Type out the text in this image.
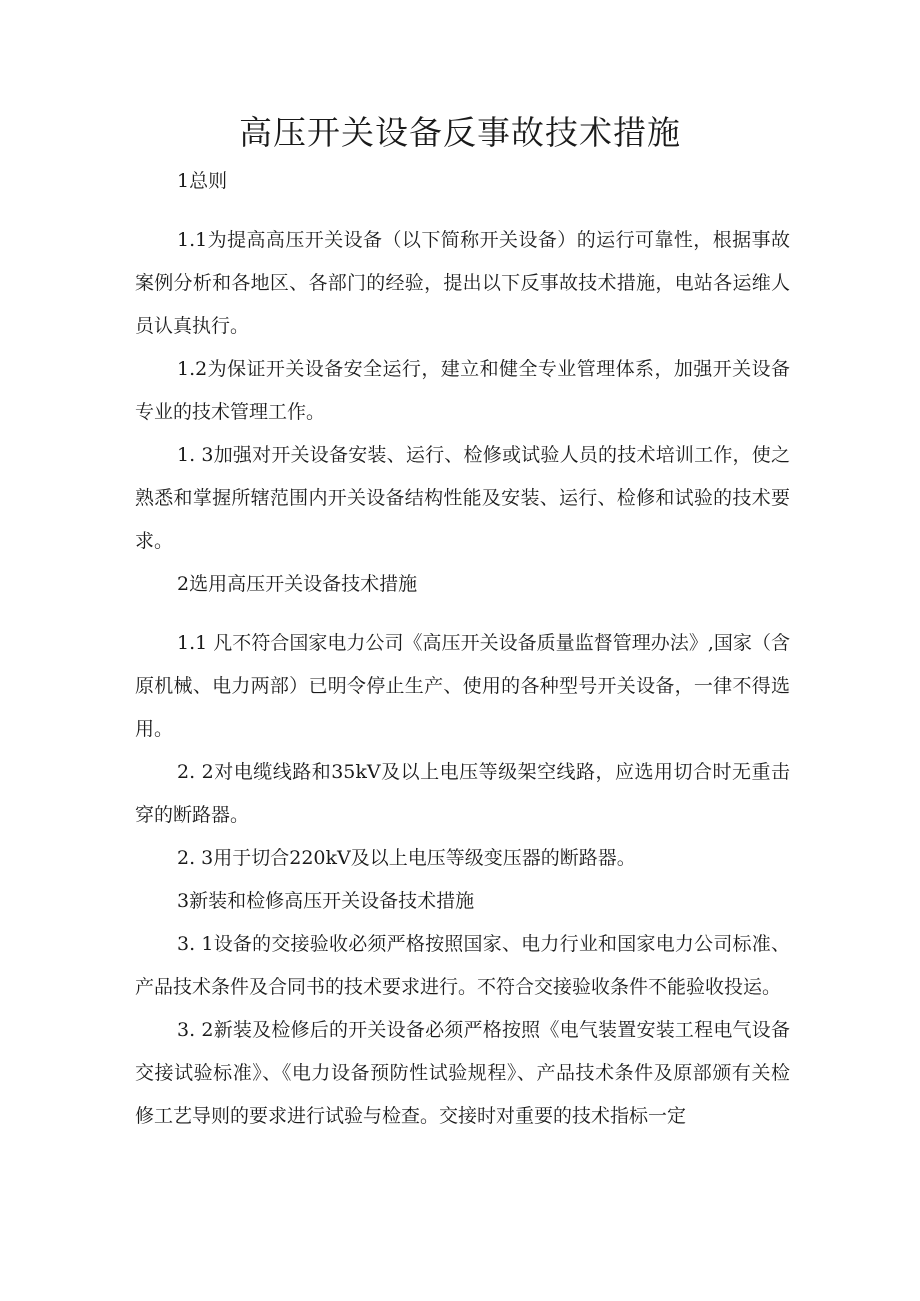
高压开关设备反事故技术措施
1总则

1.1为提高高压开关设备（以下简称开关设备）的运行可靠性，根据事故案例分析和各地区、各部门的经验，提出以下反事故技术措施，电站各运维人员认真执行。

1.2为保证开关设备安全运行，建立和健全专业管理体系，加强开关设备专业的技术管理工作。

1. 3加强对开关设备安装、运行、检修或试验人员的技术培训工作，使之熟悉和掌握所辖范围内开关设备结构性能及安装、运行、检修和试验的技术要求。

2选用高压开关设备技术措施

1.1 凡不符合国家电力公司《高压开关设备质量监督管理办法》,国家（含原机械、电力两部）已明令停止生产、使用的各种型号开关设备，一律不得选用。

2. 2对电缆线路和35kV及以上电压等级架空线路，应选用切合时无重击穿的断路器。

2. 3用于切合220kV及以上电压等级变压器的断路器。

3新装和检修高压开关设备技术措施

3. 1设备的交接验收必须严格按照国家、电力行业和国家电力公司标准、产品技术条件及合同书的技术要求进行。不符合交接验收条件不能验收投运。

3. 2新装及检修后的开关设备必须严格按照《电气装置安装工程电气设备交接试验标准》、《电力设备预防性试验规程》、产品技术条件及原部颁有关检修工艺导则的要求进行试验与检查。交接时对重要的技术指标一定
